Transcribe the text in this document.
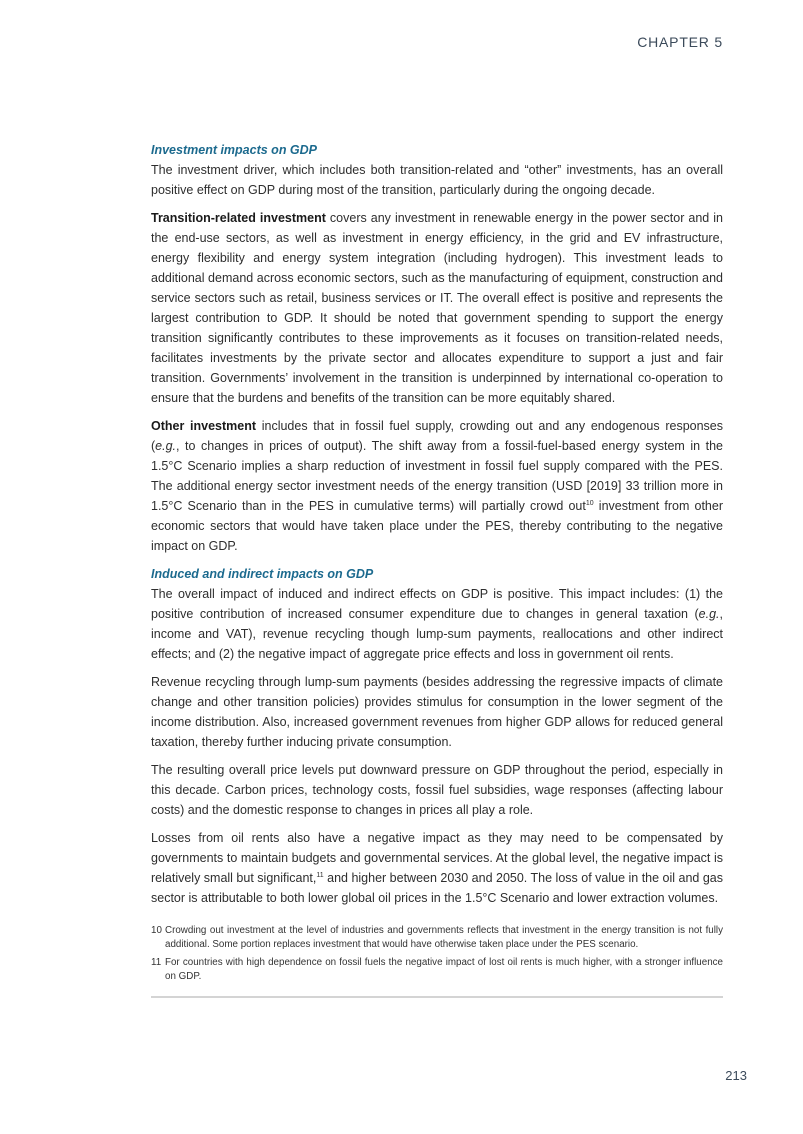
CHAPTER 5
Investment impacts on GDP

The investment driver, which includes both transition-related and “other” investments, has an overall positive effect on GDP during most of the transition, particularly during the ongoing decade.

Transition-related investment covers any investment in renewable energy in the power sector and in the end-use sectors, as well as investment in energy efficiency, in the grid and EV infrastructure, energy flexibility and energy system integration (including hydrogen). This investment leads to additional demand across economic sectors, such as the manufacturing of equipment, construction and service sectors such as retail, business services or IT. The overall effect is positive and represents the largest contribution to GDP. It should be noted that government spending to support the energy transition significantly contributes to these improvements as it focuses on transition-related needs, facilitates investments by the private sector and allocates expenditure to support a just and fair transition. Governments’ involvement in the transition is underpinned by international co-operation to ensure that the burdens and benefits of the transition can be more equitably shared.

Other investment includes that in fossil fuel supply, crowding out and any endogenous responses (e.g., to changes in prices of output). The shift away from a fossil-fuel-based energy system in the 1.5°C Scenario implies a sharp reduction of investment in fossil fuel supply compared with the PES. The additional energy sector investment needs of the energy transition (USD [2019] 33 trillion more in 1.5°C Scenario than in the PES in cumulative terms) will partially crowd out$^{10}$ investment from other economic sectors that would have taken place under the PES, thereby contributing to the negative impact on GDP.

Induced and indirect impacts on GDP

The overall impact of induced and indirect effects on GDP is positive. This impact includes: (1) the positive contribution of increased consumer expenditure due to changes in general taxation (e.g., income and VAT), revenue recycling though lump-sum payments, reallocations and other indirect effects; and (2) the negative impact of aggregate price effects and loss in government oil rents.

Revenue recycling through lump-sum payments (besides addressing the regressive impacts of climate change and other transition policies) provides stimulus for consumption in the lower segment of the income distribution. Also, increased government revenues from higher GDP allows for reduced general taxation, thereby further inducing private consumption.

The resulting overall price levels put downward pressure on GDP throughout the period, especially in this decade. Carbon prices, technology costs, fossil fuel subsidies, wage responses (affecting labour costs) and the domestic response to changes in prices all play a role.

Losses from oil rents also have a negative impact as they may need to be compensated by governments to maintain budgets and governmental services. At the global level, the negative impact is relatively small but significant,$^{11}$ and higher between 2030 and 2050. The loss of value in the oil and gas sector is attributable to both lower global oil prices in the 1.5°C Scenario and lower extraction volumes.

10 Crowding out investment at the level of industries and governments reflects that investment in the energy transition is not fully additional. Some portion replaces investment that would have otherwise taken place under the PES scenario.
11 For countries with high dependence on fossil fuels the negative impact of lost oil rents is much higher, with a stronger influence on GDP.
213
